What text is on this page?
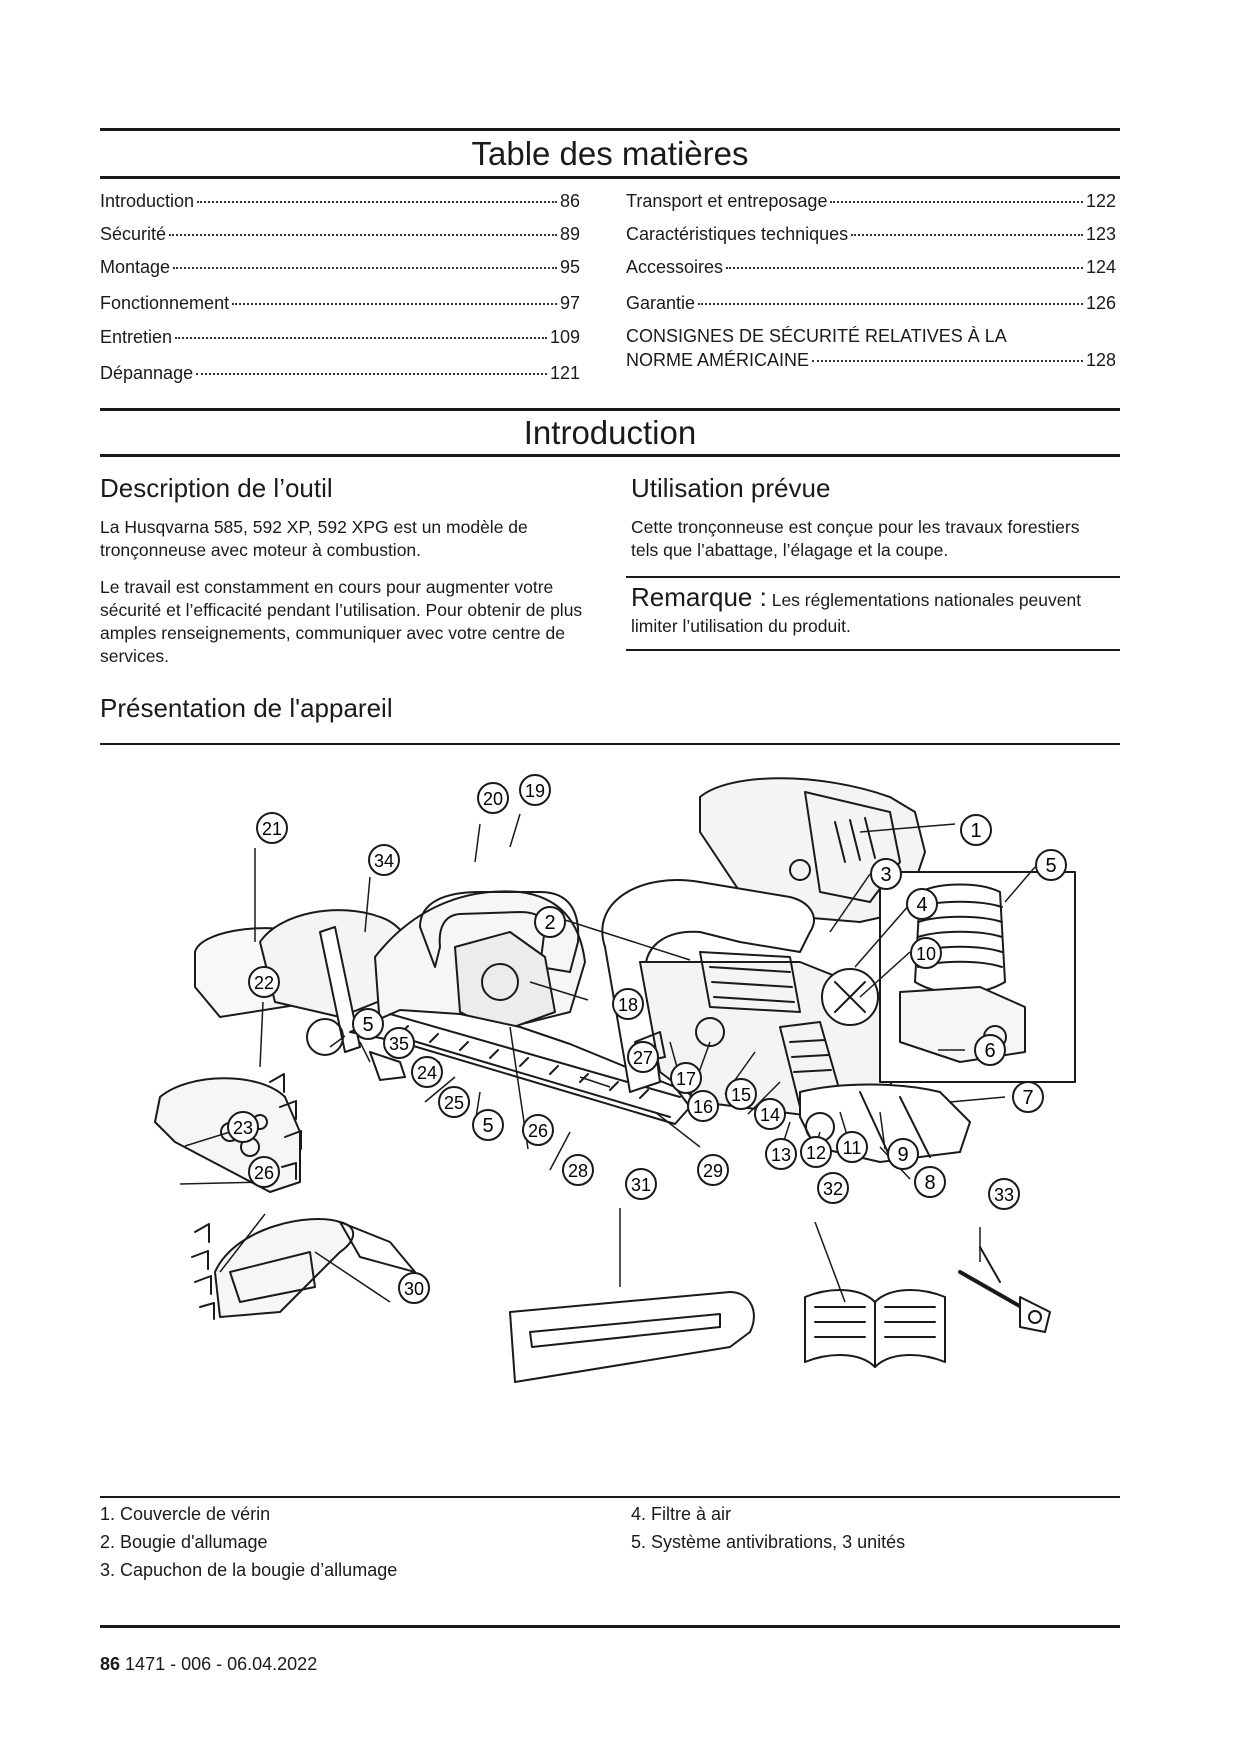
Table des matières
Introduction	86
Sécurité	89
Montage	95
Fonctionnement	97
Entretien	109
Dépannage	121
Transport et entreposage	122
Caractéristiques techniques	123
Accessoires	124
Garantie	126
CONSIGNES DE SÉCURITÉ RELATIVES À LA
NORME AMÉRICAINE	128
Introduction
Description de l’outil
La Husqvarna 585, 592 XP, 592 XPG est un modèle de tronçonneuse avec moteur à combustion.
Le travail est constamment en cours pour augmenter votre sécurité et l’efficacité pendant l’utilisation. Pour obtenir de plus amples renseignements, communiquer avec votre centre de services.
Utilisation prévue
Cette tronçonneuse est conçue pour les travaux forestiers tels que l’abattage, l’élagage et la coupe.
Remarque : Les réglementations nationales peuvent limiter l’utilisation du produit.
Présentation de l'appareil
1
2
3
4
5
6
7
8
9
10
11
12
13
14
15
16
17
18
19
20
21
22
23
24
25
26
27
28	29
30
31	32	33
34
35
5
5 26
1. Couvercle de vérin
2. Bougie d'allumage
3. Capuchon de la bougie d’allumage
4. Filtre à air
5. Système antivibrations, 3 unités
86 1471 - 006 - 06.04.2022
